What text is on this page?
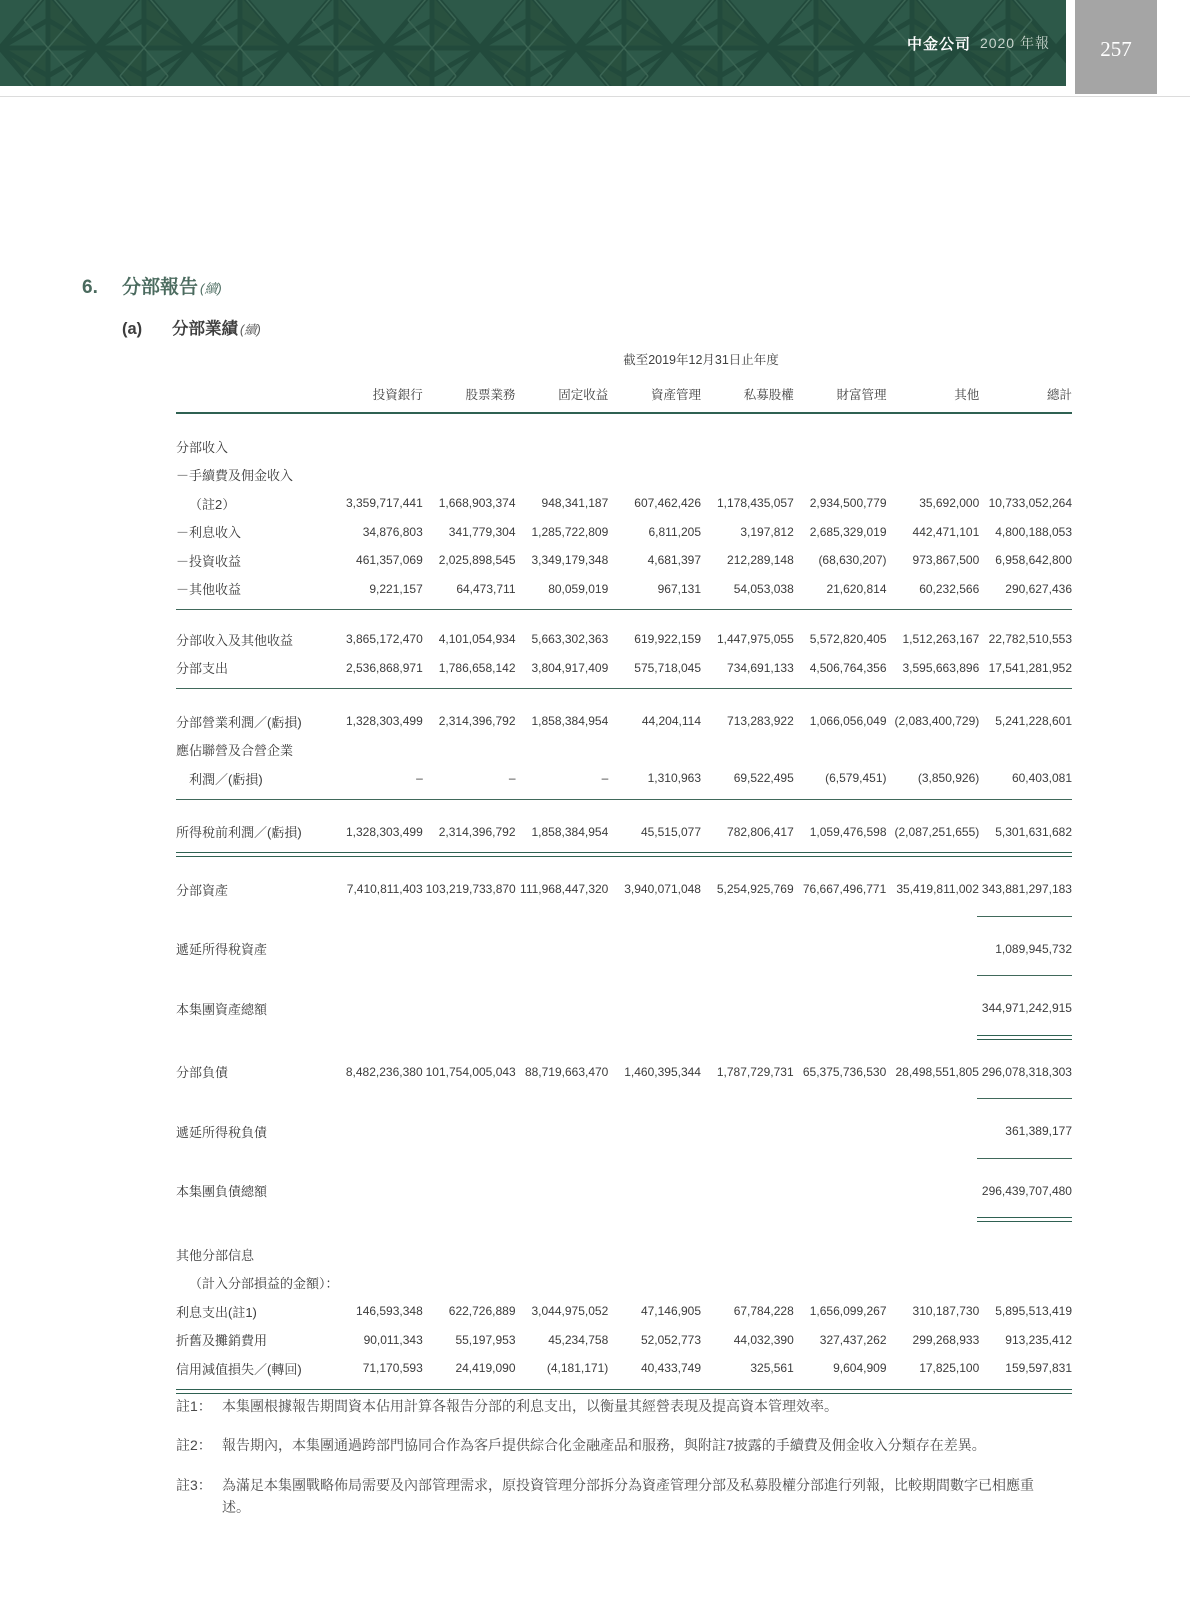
中金公司 2020 年報 257
6. 分部報告 (續)
(a) 分部業績 (續)
截至2019年12月31日止年度
投資銀行	股票業務	固定收益	資產管理	私募股權	財富管理	其他	總計
分部收入
－手續費及佣金收入
（註2）	3,359,717,441	1,668,903,374	948,341,187	607,462,426	1,178,435,057	2,934,500,779	35,692,000 10,733,052,264
－利息收入	34,876,803	341,779,304	1,285,722,809	6,811,205	3,197,812	2,685,329,019	442,471,101	4,800,188,053
－投資收益	461,357,069	2,025,898,545	3,349,179,348	4,681,397	212,289,148	(68,630,207)	973,867,500	6,958,642,800
－其他收益	9,221,157	64,473,711	80,059,019	967,131	54,053,038	21,620,814	60,232,566	290,627,436
分部收入及其他收益	3,865,172,470	4,101,054,934	5,663,302,363	619,922,159	1,447,975,055	5,572,820,405	1,512,263,167 22,782,510,553
分部支出	2,536,868,971	1,786,658,142	3,804,917,409	575,718,045	734,691,133	4,506,764,356	3,595,663,896 17,541,281,952
分部營業利潤／(虧損)	1,328,303,499	2,314,396,792	1,858,384,954	44,204,114	713,283,922	1,066,056,049 (2,083,400,729)	5,241,228,601
應佔聯營及合營企業
利潤／(虧損)	–	–	–	1,310,963	69,522,495	(6,579,451)	(3,850,926)	60,403,081
所得稅前利潤／(虧損)	1,328,303,499	2,314,396,792	1,858,384,954	45,515,077	782,806,417	1,059,476,598 (2,087,251,655)	5,301,631,682
分部資產	7,410,811,403 103,219,733,870 111,968,447,320	3,940,071,048	5,254,925,769 76,667,496,771 35,419,811,002 343,881,297,183
遞延所得稅資產	1,089,945,732
本集團資產總額	344,971,242,915
分部負債	8,482,236,380 101,754,005,043 88,719,663,470	1,460,395,344	1,787,729,731 65,375,736,530 28,498,551,805 296,078,318,303
遞延所得稅負債	361,389,177
本集團負債總額	296,439,707,480
其他分部信息
（計入分部損益的金額）：
利息支出(註1)	146,593,348	622,726,889	3,044,975,052	47,146,905	67,784,228	1,656,099,267	310,187,730	5,895,513,419
折舊及攤銷費用	90,011,343	55,197,953	45,234,758	52,052,773	44,032,390	327,437,262	299,268,933	913,235,412
信用減值損失／(轉回)	71,170,593	24,419,090	(4,181,171)	40,433,749	325,561	9,604,909	17,825,100	159,597,831
註1： 本集團根據報告期間資本佔用計算各報告分部的利息支出，以衡量其經營表現及提高資本管理效率。
註2： 報告期內，本集團通過跨部門協同合作為客戶提供綜合化金融產品和服務，與附註7披露的手續費及佣金收入分類存在差異。
註3： 為滿足本集團戰略佈局需要及內部管理需求，原投資管理分部拆分為資產管理分部及私募股權分部進行列報，比較期間數字已相應重述。
